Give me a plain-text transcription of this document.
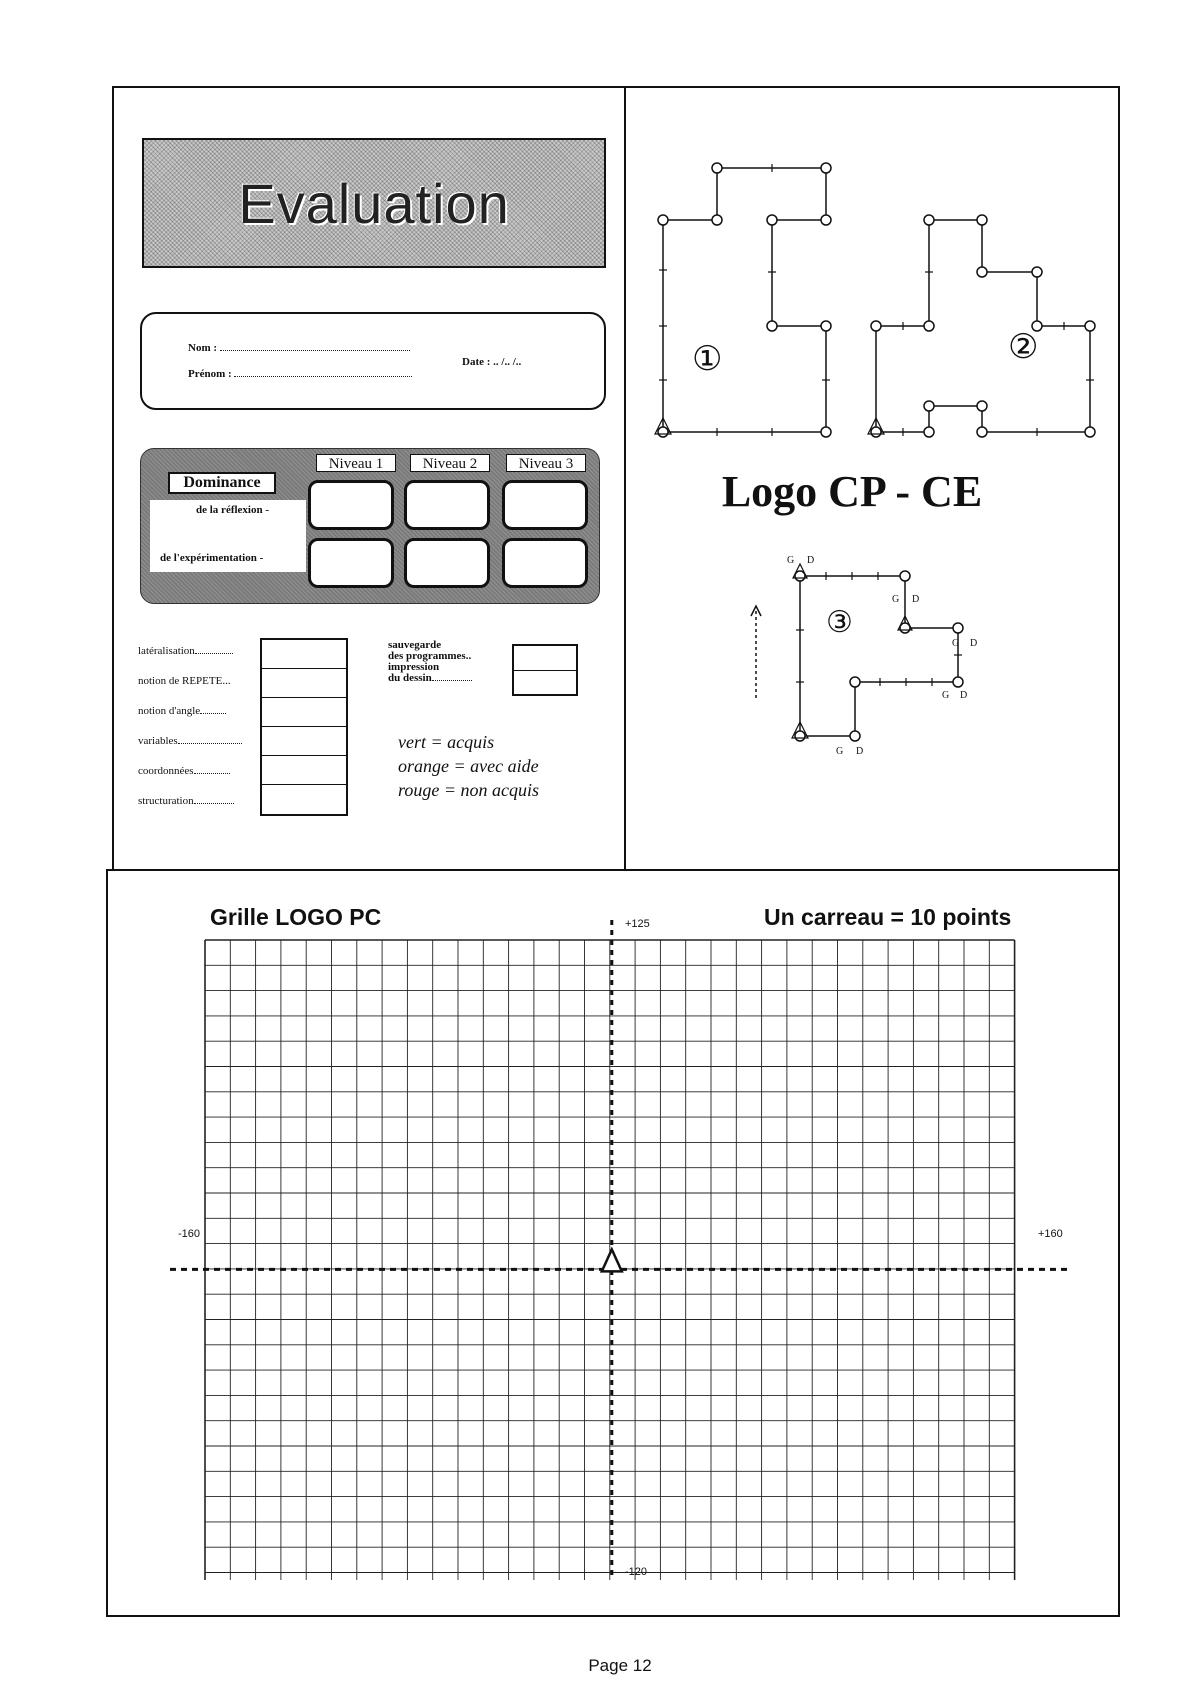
Evaluation
Nom :
Prénom :
Date : .. /.. /..
Niveau 1	Niveau 2	Niveau 3
Dominance
de la réflexion -
de l'expérimentation -
latéralisation
notion de REPETE...
notion d'angle
variables
coordonnées
structuration
sauvegarde
des programmes..
impression
du dessin
vert = acquis
orange = avec aide
rouge = non acquis
①	②
③
G D
G D
G D
G D
G D
Logo CP - CE
Grille LOGO PC	Un carreau = 10 points
+125
-120
-160	+160
Page 12
